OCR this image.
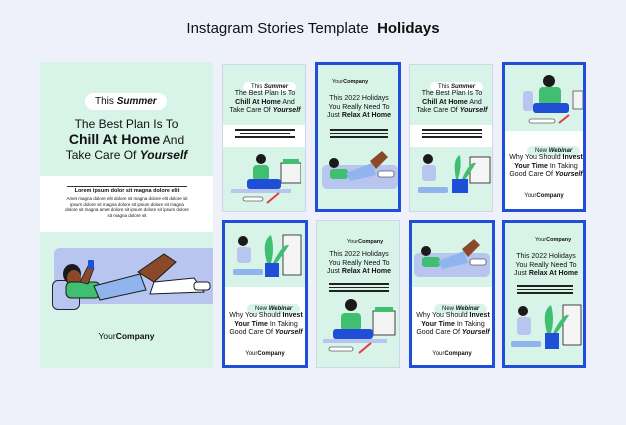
Instagram Stories Template Holidays
This Summer
The Best Plan Is To
Chill At Home And
Take Care Of Yourself
Lorem ipsum dolor sit magna dolore elit
Amet magna dolore elit dolore sit magna dolore elit dolore sit ipsum dolore sit magna dolore sit ipsum dolore sit magna dolore sit magna amet dolore sit ipsum dolore sit ipsum dolore sit magna dolore sit
YourCompany
This Summer
The Best Plan Is To
Chill At Home And
Take Care Of Yourself
YourCompany
This 2022 Holidays
You Really Need To
Just Relax At Home
This Summer
The Best Plan Is To
Chill At Home And
Take Care Of Yourself
New Webinar
Why You Should Invest
Your Time In Taking
Good Care Of Yourself
YourCompany
New Webinar
Why You Should Invest
Your Time In Taking
Good Care Of Yourself
YourCompany
YourCompany
This 2022 Holidays
You Really Need To
Just Relax At Home
New Webinar
Why You Should Invest
Your Time In Taking
Good Care Of Yourself
YourCompany
YourCompany
This 2022 Holidays
You Really Need To
Just Relax At Home
